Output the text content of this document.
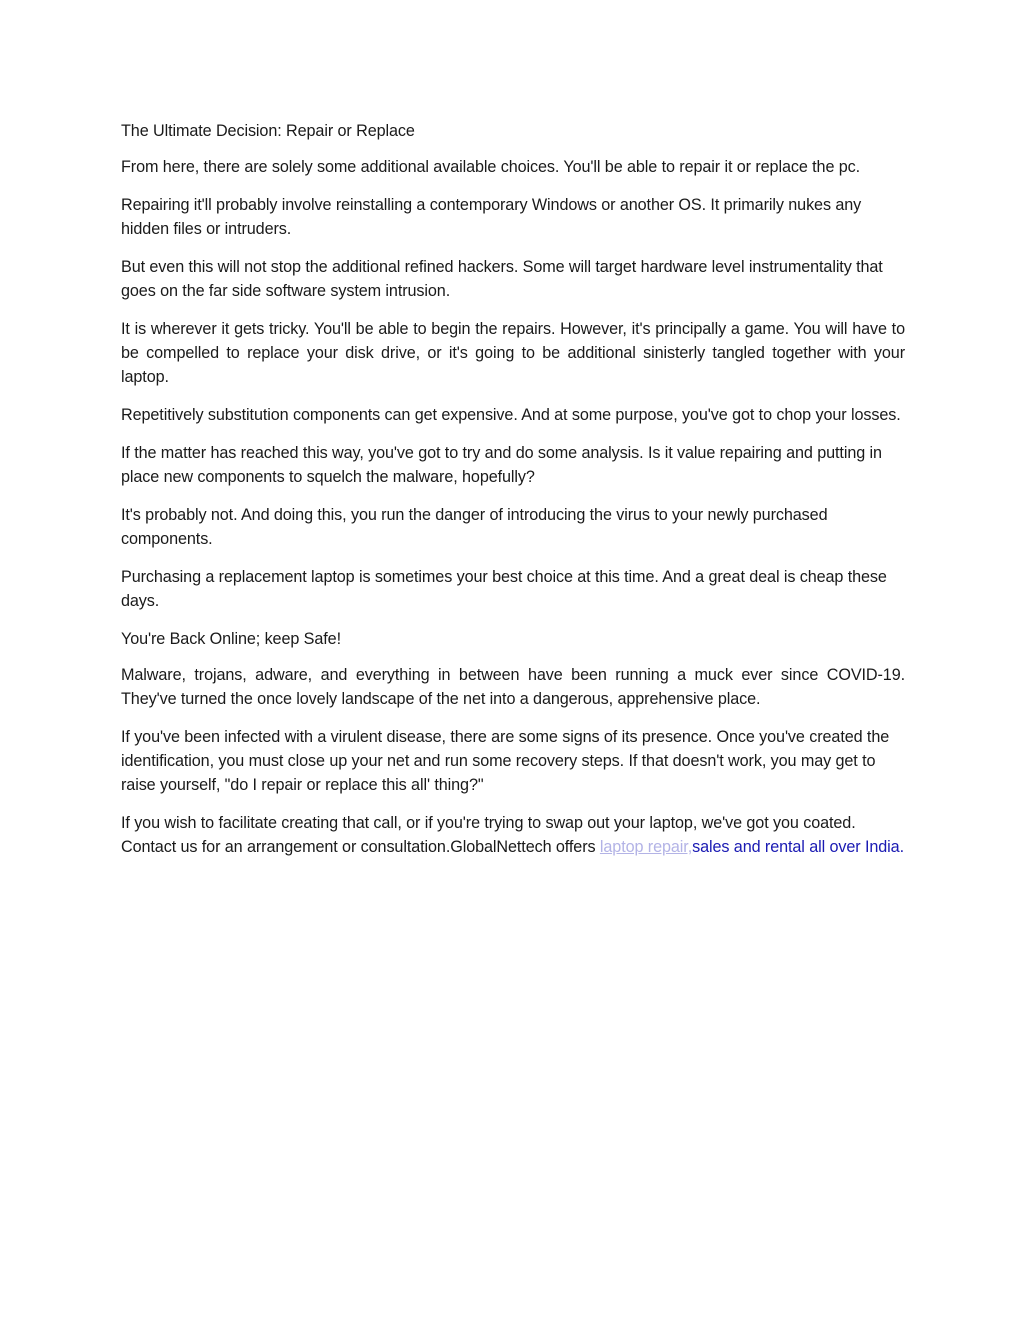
The Ultimate Decision: Repair or Replace

From here, there are solely some additional available choices. You'll be able to repair it or replace the pc.

Repairing it'll probably involve reinstalling a contemporary Windows or another OS. It primarily nukes any hidden files or intruders.

But even this will not stop the additional refined hackers. Some will target hardware level instrumentality that goes on the far side software system intrusion.

It is wherever it gets tricky. You'll be able to begin the repairs. However, it's principally a game. You will have to be compelled to replace your disk drive, or it's going to be additional sinisterly tangled together with your laptop.

Repetitively substitution components can get expensive. And at some purpose, you've got to chop your losses.

If the matter has reached this way, you've got to try and do some analysis. Is it value repairing and putting in place new components to squelch the malware, hopefully?

It's probably not. And doing this, you run the danger of introducing the virus to your newly purchased components.

Purchasing a replacement laptop is sometimes your best choice at this time. And a great deal is cheap these days.

You're Back Online; keep Safe!

Malware, trojans, adware, and everything in between have been running a muck ever since COVID-19. They've turned the once lovely landscape of the net into a dangerous, apprehensive place.

If you've been infected with a virulent disease, there are some signs of its presence. Once you've created the identification, you must close up your net and run some recovery steps. If that doesn't work, you may get to raise yourself, "do I repair or replace this all' thing?"

If you wish to facilitate creating that call, or if you're trying to swap out your laptop, we've got you coated. Contact us for an arrangement or consultation.GlobalNettech offers laptop repair,sales and rental all over India.
